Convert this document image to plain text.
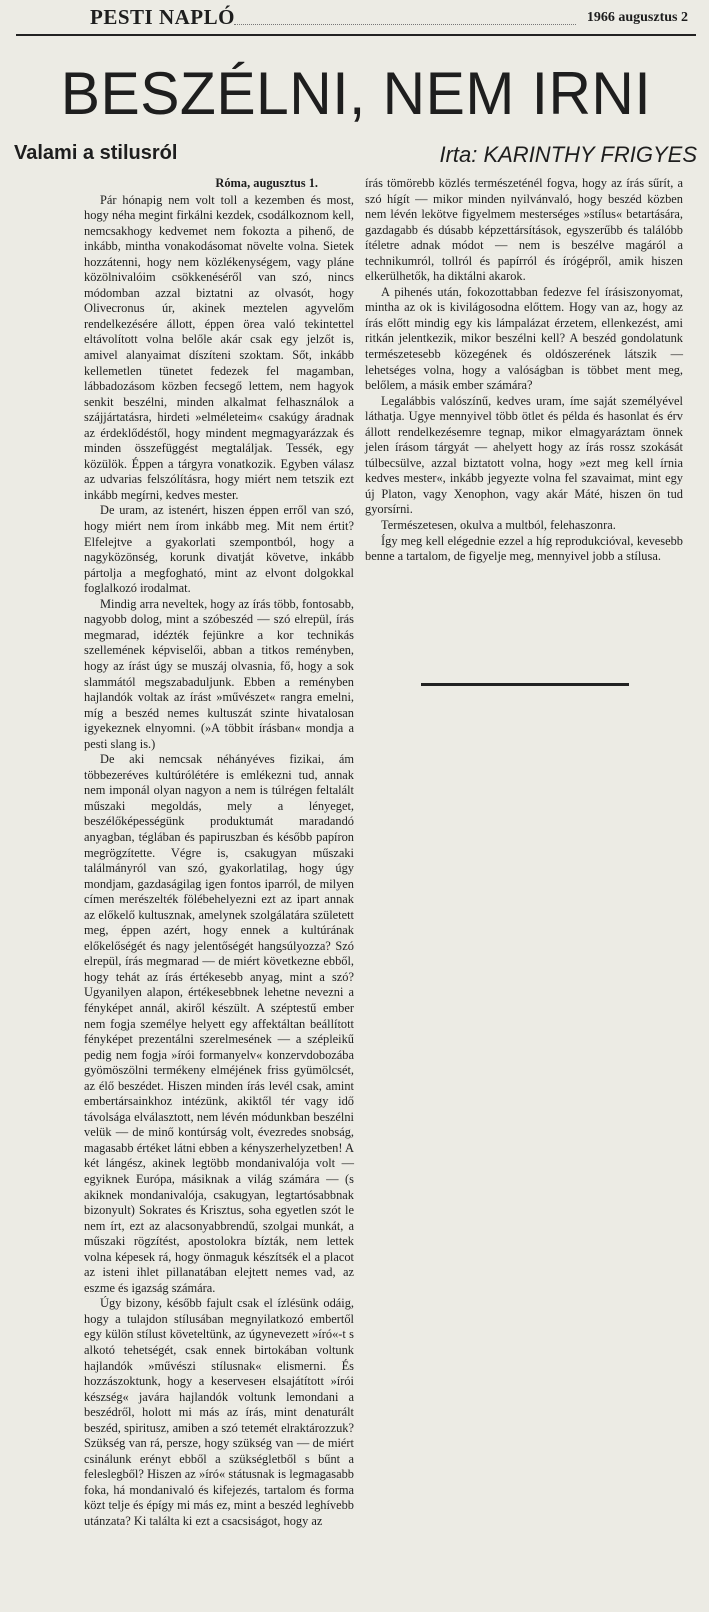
PESTI NAPLÓ	1966 augusztus 2
BESZÉLNI, NEM IRNI
Valami a stilusról	Irta: KARINTHY FRIGYES

Róma, augusztus 1.

Pár hónapig nem volt toll a kezemben és most, hogy néha megint firkálni kezdek, csodálkoznom kell, nemcsakhogy kedvemet nem fokozta a pihenő, de inkább, mintha vonakodásomat növelte volna. Sietek hozzátenni, hogy nem közlékenységem, vagy pláne közölnivalóim csökkenéséről van szó, nincs módomban azzal biztatni az olvasót, hogy Olivecronus úr, akinek meztelen agyvelőm rendelkezésére állott, éppen örea való tekintettel eltávolított volna belőle akár csak egy jelzőt is, amivel alanyaimat díszíteni szoktam. Sőt, inkább kellemetlen tünetet fedezek fel magamban, lábbadozásom közben fecsegő lettem, nem hagyok senkit beszélni, minden alkalmat felhasználok a szájjártatásra, hirdeti »elméleteim« csakúgy áradnak az érdeklődéstől, hogy mindent megmagyarázzak és minden összefüggést megtaláljak. Tessék, egy közülök. Éppen a tárgyra vonatkozik. Egyben válasz az udvarias felszólításra, hogy miért nem tetszik ezt inkább megírni, kedves mester.

De uram, az istenért, hiszen éppen erről van szó, hogy miért nem írom inkább meg. Mit nem értit? Elfelejtve a gyakorlati szempontból, hogy a nagyközönség, korunk divatját követve, inkább pártolja a megfogható, mint az elvont dolgokkal foglalkozó irodalmat.

Mindig arra neveltek, hogy az írás több, fontosabb, nagyobb dolog, mint a szóbeszéd — szó elrepül, írás megmarad, idézték fejünkre a kor technikás szellemének képviselői, abban a titkos reményben, hogy az írást úgy se muszáj olvasnia, fő, hogy a sok slammától megszabaduljunk. Ebben a reményben hajlandók voltak az írást »művészet« rangra emelni, míg a beszéd nemes kultuszát szinte hivatalosan igyekeznek elnyomni. (»A többit írásban« mondja a pesti slang is.)

De aki nemcsak néhányéves fizikai, ám többezeréves kultúrólétére is emlékezni tud, annak nem imponál olyan nagyon a nem is túlrégen feltalált műszaki megoldás, mely a lényeget, beszélőképességünk produktumát maradandó anyagban, téglában és papiruszban és később papíron megrögzítette. Végre is, csakugyan műszaki találmányról van szó, gyakorlatilag, hogy úgy mondjam, gazdaságilag igen fontos iparról, de milyen címen merészelték fölébehelyezni ezt az ipart annak az előkelő kultusznak, amelynek szolgálatára született meg, éppen azért, hogy ennek a kultúrának előkelőségét és nagy jelentőségét hangsúlyozza? Szó elrepül, írás megmarad — de miért következne ebből, hogy tehát az írás értékesebb anyag, mint a szó? Ugyanilyen alapon, értékesebbnek lehetne nevezni a fényképet annál, akiről készült. A széptestű ember nem fogja személye helyett egy affektáltan beállított fényképet prezentálni szerelmesének — a szépleikű pedig nem fogja »írói formanyelv« konzervdobozába gyömöszölni termékeny elméjének friss gyümölcsét, az élő beszédet. Hiszen minden írás levél csak, amint embertársainkhoz intézünk, akiktől tér vagy idő távolsága elválasztott, nem lévén módunkban beszélni velük — de minő kontúrság volt, évezredes snobság, magasabb értéket látni ebben a kényszerhelyzetben! A két lángész, akinek legtöbb mondanivalója volt — egyiknek Európa, másiknak a világ számára — (s akiknek mondanivalója, csakugyan, legtartósabbnak bizonyult) Sokrates és Krisztus, soha egyetlen szót le nem írt, ezt az alacsonyabbrendű, szolgai munkát, a műszaki rögzítést, apostolokra bízták, nem lettek volna képesek rá, hogy önmaguk készítsék el a placot az isteni ihlet pillanatában elejtett nemes vad, az eszme és igazság számára.

Úgy bizony, később fajult csak el ízlésünk odáig, hogy a tulajdon stílusában megnyilatkozó embertől egy külön stílust követeltünk, az úgynevezett »író«-t s alkotó tehetségét, csak ennek birtokában voltunk hajlandók »művészi stílusnak« elismerni. És hozzászoktunk, hogy a keserveseн elsajátított »írói készség« javára hajlandók voltunk lemondani a beszédről, holott mi más az írás, mint denaturált beszéd, spiritusz, amiben a szó tetemét elraktározzuk? Szükség van rá, persze, hogy szükség van — de miért csinálunk erényt ebből a szükségletből s bűnt a feleslegből? Hiszen az »író« státusnak is legmagasabb foka, há mondanivaló és kifejezés, tartalom és forma közt telje és épígy mi más ez, mint a beszéd leghívebb utánzata? Ki találta ki ezt a csacsiságot, hogy az

írás tömörebb közlés természeténél fogva, hogy az írás sűrít, a szó hígít — mikor minden nyilvánvaló, hogy beszéd közben nem lévén lekötve figyelmem mesterséges »stílus« betartására, gazdagabb és dúsabb képzettársítások, egyszerűbb és találóbb ítéletre adnak módot — nem is beszélve magáról a technikumról, tollról és papírról és írógépről, amik hiszen elkerülhetők, ha diktálni akarok.

A pihenés után, fokozottabban fedezve fel írásiszonyomat, mintha az ok is kivilágosodna előttem. Hogy van az, hogy az írás előtt mindig egy kis lámpalázat érzetem, ellenkezést, ami ritkán jelentkezik, mikor beszélni kell? A beszéd gondolatunk természetesebb közegének és oldószerének látszik — lehetséges volna, hogy a valóságban is többet ment meg, belőlem, a másik ember számára?

Legalábbis valószínű, kedves uram, íme saját személyével láthatja. Ugye mennyivel több ötlet és példa és hasonlat és érv állott rendelkezésemre tegnap, mikor elmagyaráztam önnek jelen írásom tárgyát — ahelyett hogy az írás rossz szokását túlbecsülve, azzal biztatott volna, hogy »ezt meg kell írnia kedves mester«, inkább jegyezte volna fel szavaimat, mint egy új Platon, vagy Xenophon, vagy akár Máté, hiszen ön tud gyorsírni.

Természetesen, okulva a multból, felehaszonra.

Így meg kell elégednie ezzel a híg reprodukcióval, kevesebb benne a tartalom, de figyelje meg, mennyivel jobb a stílusa.
